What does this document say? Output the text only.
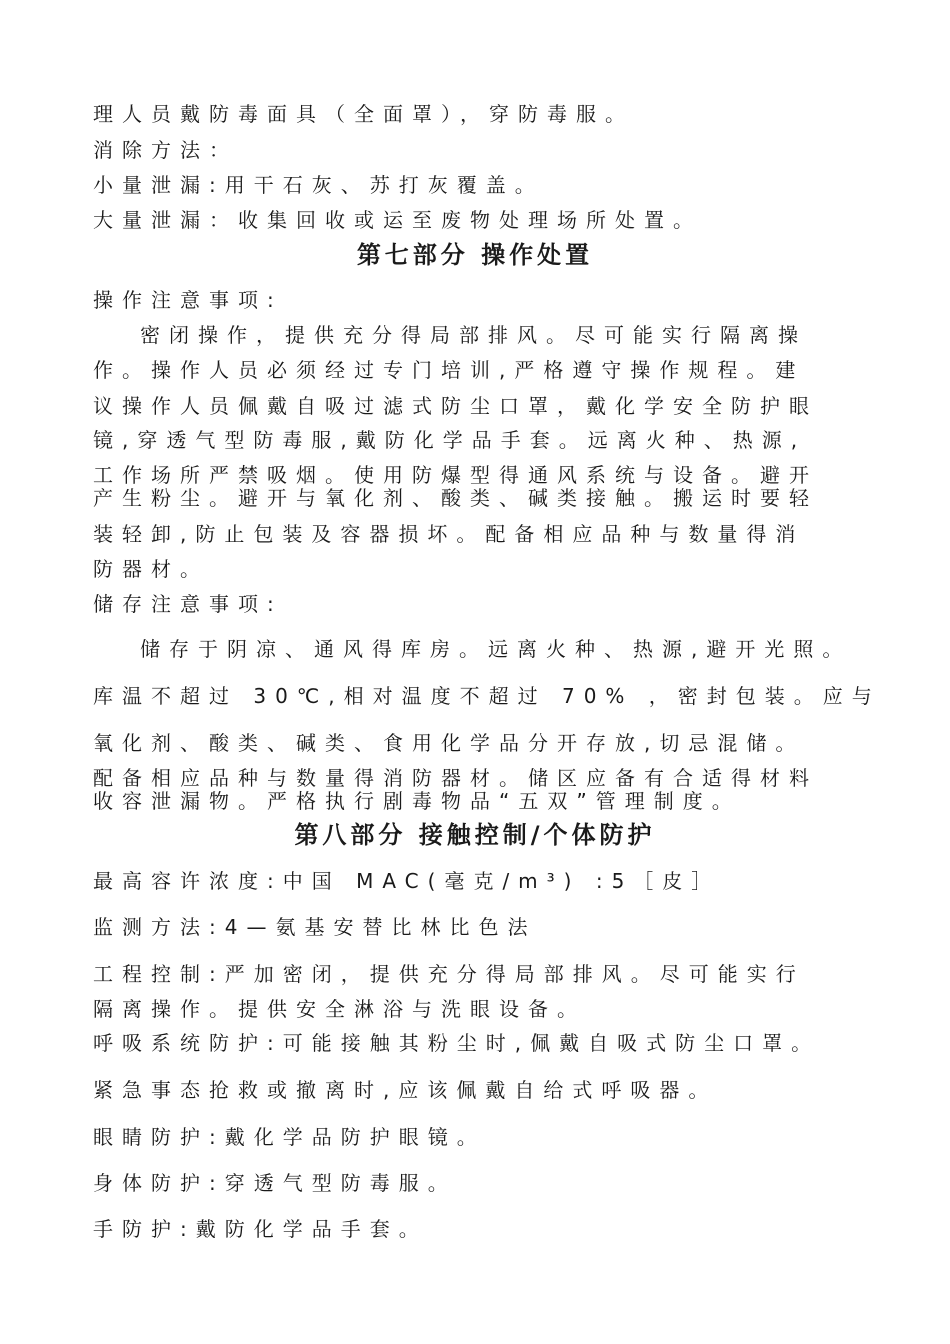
理人员戴防毒面具（全面罩），穿防毒服。
消除方法：
小量泄漏:用干石灰、苏打灰覆盖。
大量泄漏：收集回收或运至废物处理场所处置。
第七部分 操作处置
操作注意事项:
密闭操作，提供充分得局部排风。尽可能实行隔离操
作。操作人员必须经过专门培训,严格遵守操作规程。建
议操作人员佩戴自吸过滤式防尘口罩，戴化学安全防护眼
镜,穿透气型防毒服,戴防化学品手套。远离火种、热源,
工作场所严禁吸烟。使用防爆型得通风系统与设备。避开
产生粉尘。避开与氧化剂、酸类、碱类接触。搬运时要轻
装轻卸,防止包装及容器损坏。配备相应品种与数量得消
防器材。
储存注意事项:
储存于阴凉、通风得库房。远离火种、热源,避开光照。
库温不超过 30℃,相对温度不超过 70% ，密封包装。应与
氧化剂、酸类、碱类、食用化学品分开存放,切忌混储。
配备相应品种与数量得消防器材。储区应备有合适得材料
收容泄漏物。严格执行剧毒物品“五双”管理制度。
第八部分 接触控制/个体防护
最高容许浓度:中国 MAC(毫克/m³) :5［皮］
监测方法:4—氨基安替比林比色法
工程控制:严加密闭，提供充分得局部排风。尽可能实行
隔离操作。提供安全淋浴与洗眼设备。
呼吸系统防护:可能接触其粉尘时,佩戴自吸式防尘口罩。
紧急事态抢救或撤离时,应该佩戴自给式呼吸器。
眼睛防护:戴化学品防护眼镜。
身体防护:穿透气型防毒服。
手防护:戴防化学品手套。
